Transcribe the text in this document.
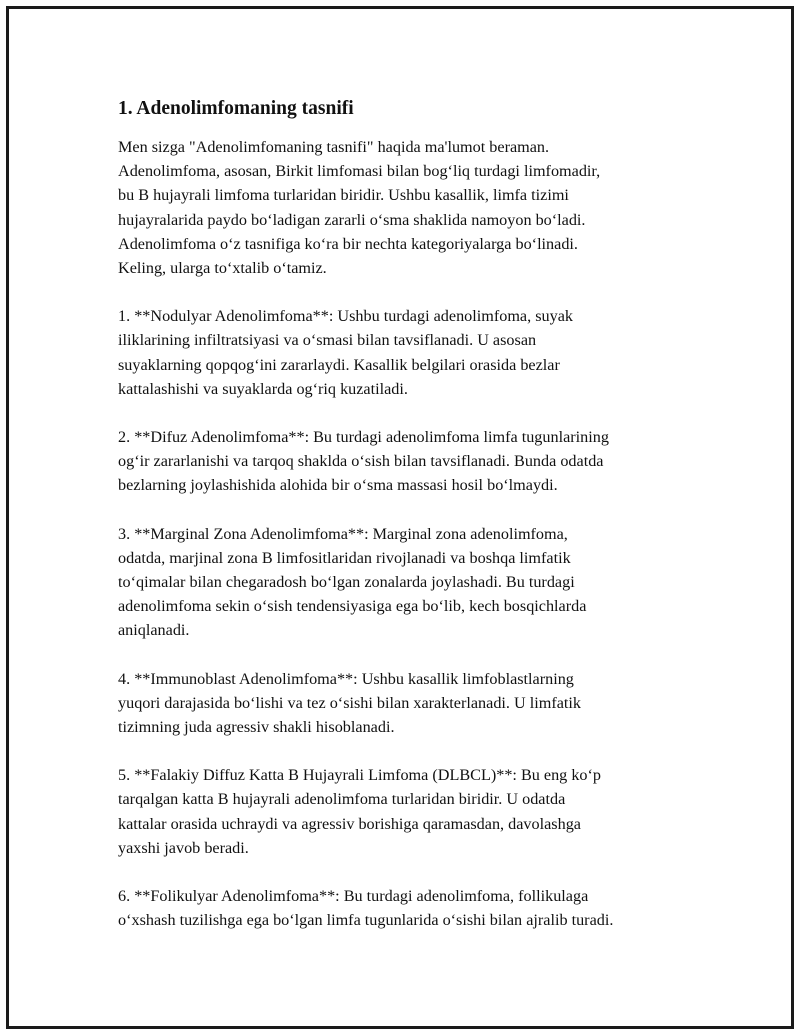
1. Adenolimfomaning tasnifi

Men sizga "Adenolimfomaning tasnifi" haqida ma'lumot beraman.
Adenolimfoma, asosan, Birkit limfomasi bilan bog‘liq turdagi limfomadir,
bu B hujayrali limfoma turlaridan biridir. Ushbu kasallik, limfa tizimi
hujayralarida paydo bo‘ladigan zararli o‘sma shaklida namoyon bo‘ladi.
Adenolimfoma o‘z tasnifiga ko‘ra bir nechta kategoriyalarga bo‘linadi.
Keling, ularga to‘xtalib o‘tamiz.

1. **Nodulyar Adenolimfoma**: Ushbu turdagi adenolimfoma, suyak
iliklarining infiltratsiyasi va o‘smasi bilan tavsiflanadi. U asosan
suyaklarning qopqog‘ini zararlaydi. Kasallik belgilari orasida bezlar
kattalashishi va suyaklarda og‘riq kuzatiladi.

2. **Difuz Adenolimfoma**: Bu turdagi adenolimfoma limfa tugunlarining
og‘ir zararlanishi va tarqoq shaklda o‘sish bilan tavsiflanadi. Bunda odatda
bezlarning joylashishida alohida bir o‘sma massasi hosil bo‘lmaydi.

3. **Marginal Zona Adenolimfoma**: Marginal zona adenolimfoma,
odatda, marjinal zona B limfositlaridan rivojlanadi va boshqa limfatik
to‘qimalar bilan chegaradosh bo‘lgan zonalarda joylashadi. Bu turdagi
adenolimfoma sekin o‘sish tendensiyasiga ega bo‘lib, kech bosqichlarda
aniqlanadi.

4. **Immunoblast Adenolimfoma**: Ushbu kasallik limfoblastlarning
yuqori darajasida bo‘lishi va tez o‘sishi bilan xarakterlanadi. U limfatik
tizimning juda agressiv shakli hisoblanadi.

5. **Falakiy Diffuz Katta B Hujayrali Limfoma (DLBCL)**: Bu eng ko‘p
tarqalgan katta B hujayrali adenolimfoma turlaridan biridir. U odatda
kattalar orasida uchraydi va agressiv borishiga qaramasdan, davolashga
yaxshi javob beradi.

6. **Folikulyar Adenolimfoma**: Bu turdagi adenolimfoma, follikulaga
o‘xshash tuzilishga ega bo‘lgan limfa tugunlarida o‘sishi bilan ajralib turadi.
